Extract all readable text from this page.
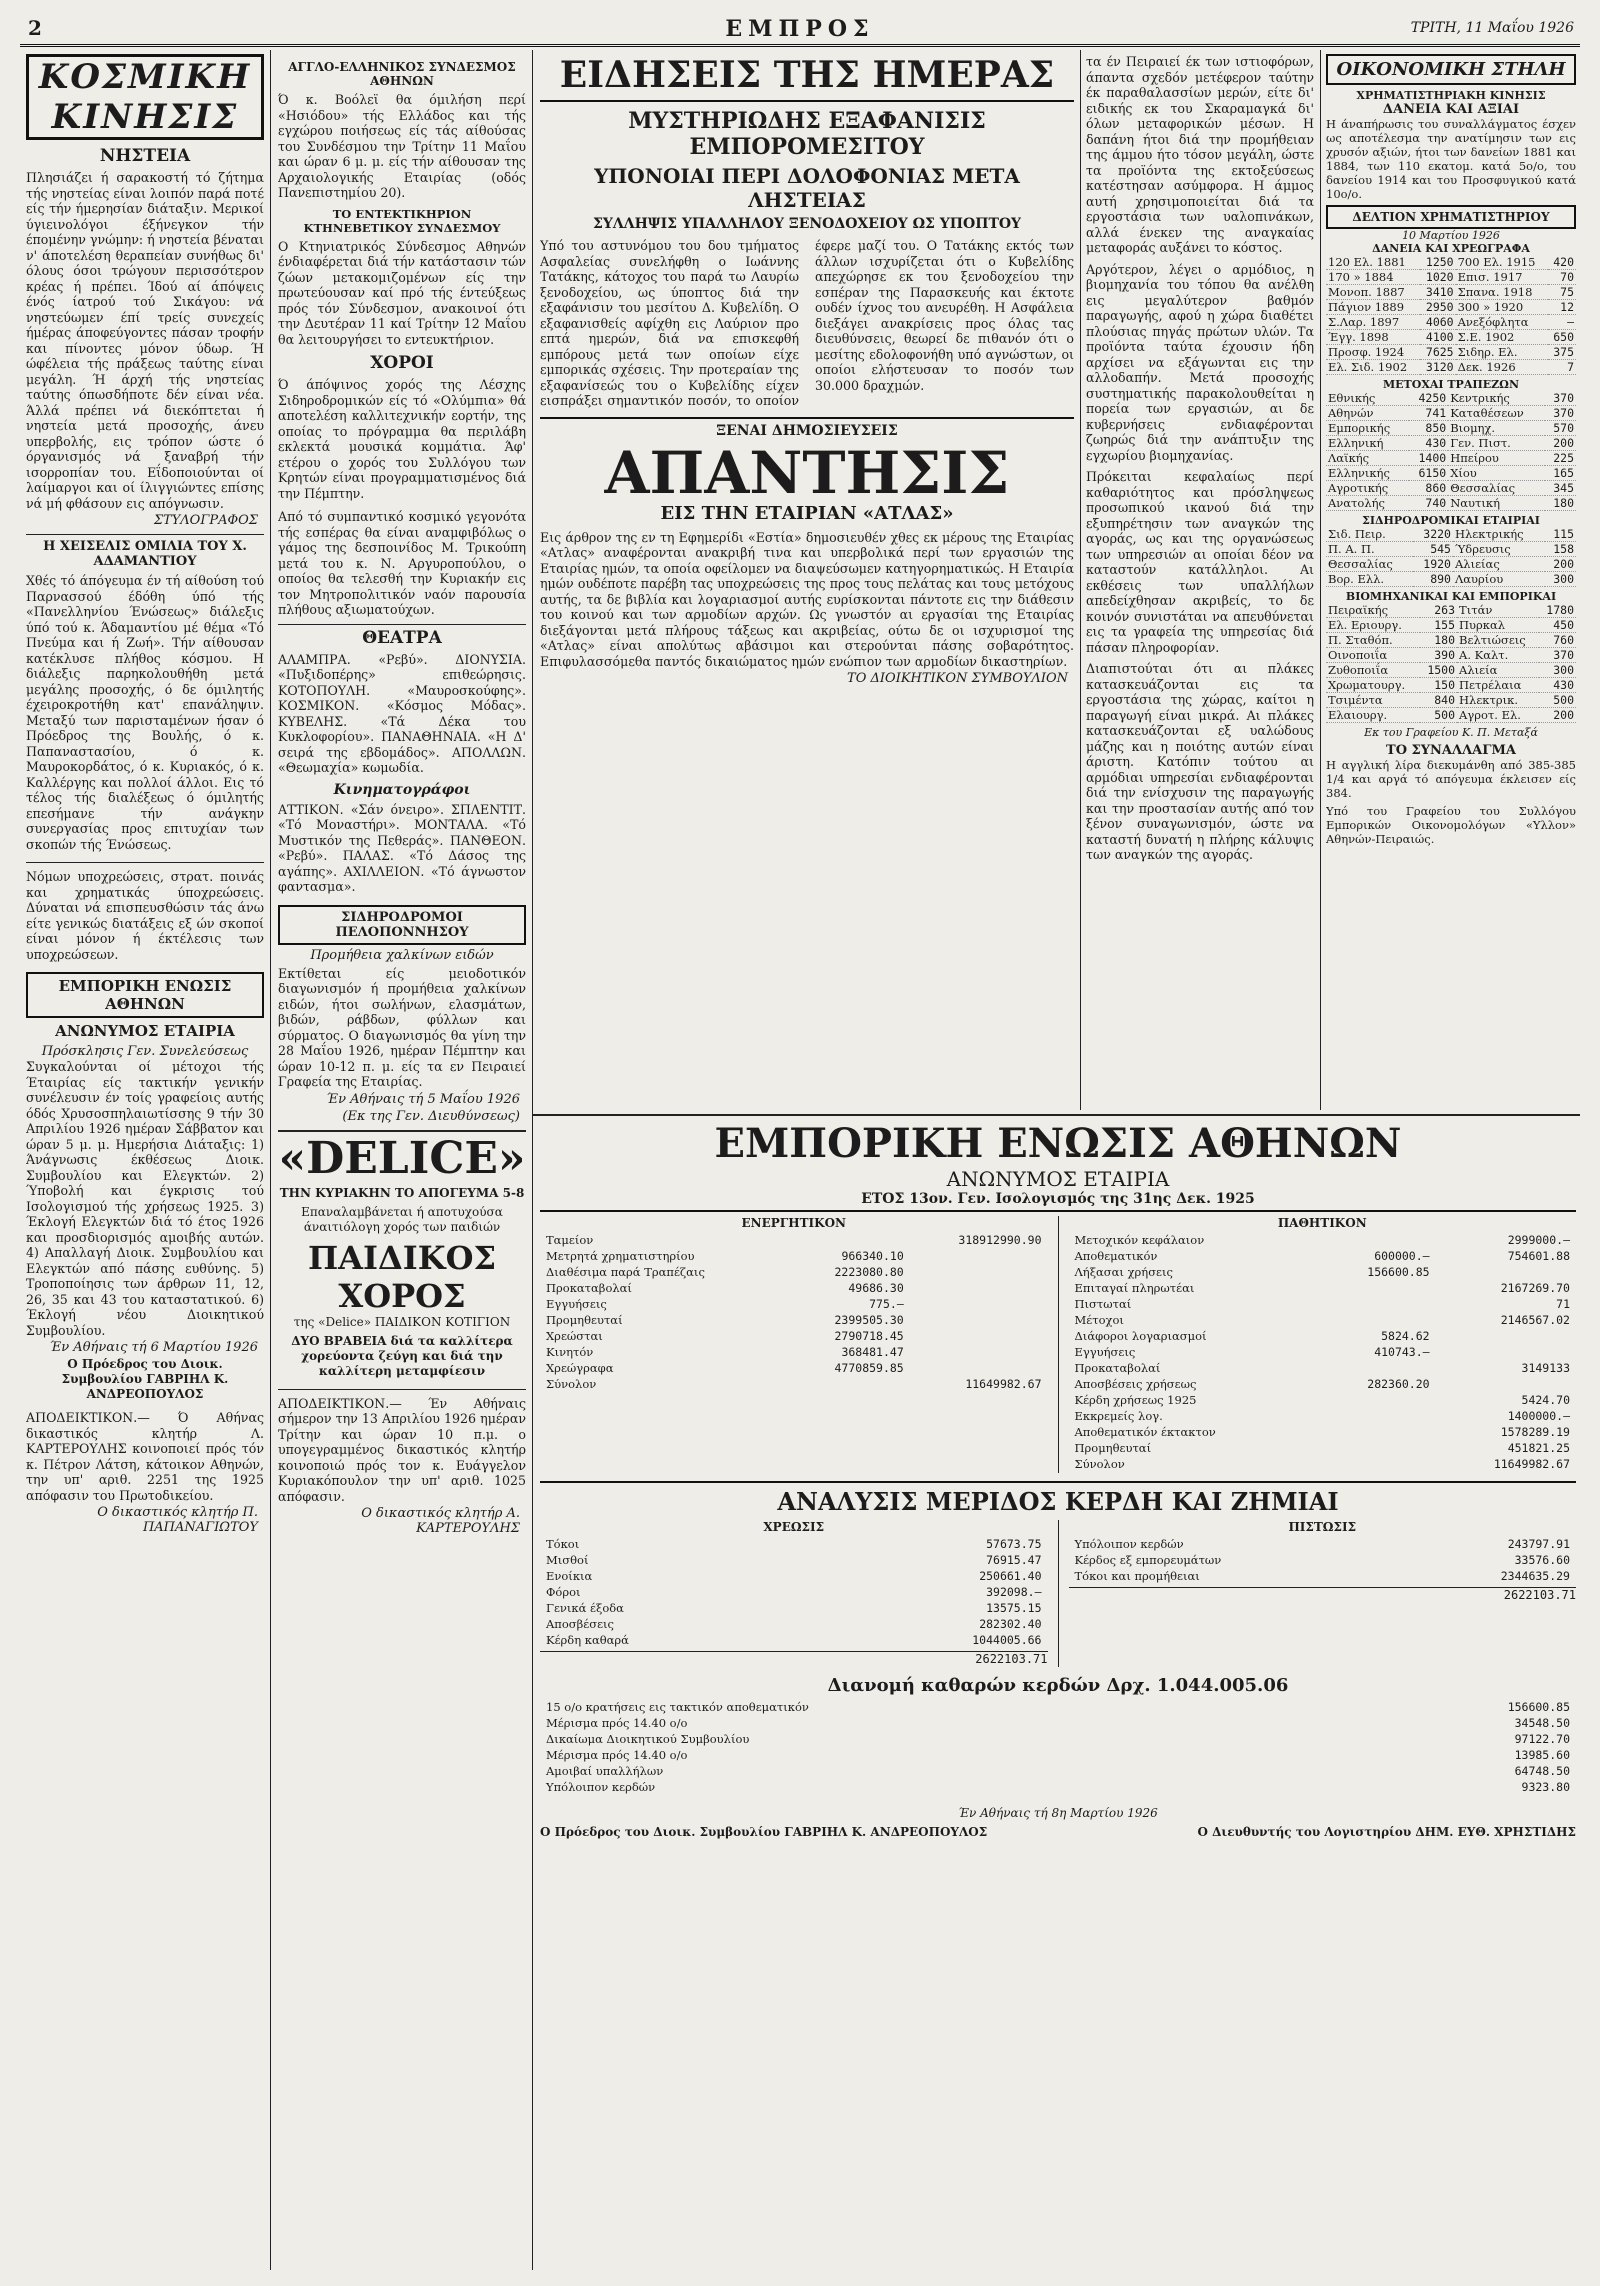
2	ΕΜΠΡΟΣ	ΤΡΙΤΗ, 11 Μαΐου 1926
ΚΟΣΜΙΚΗ ΚΙΝΗΣΙΣ
ΝΗΣΤΕΙΑ

Πλησιάζει ή σαρακοστή τό ζήτημα τής νηστείας είναι λοιπόν παρά ποτέ είς τήν ήμερησίαν διάταξιν. Μερικοί ύγιεινολόγοι έξήνεγκον τήν έπομένην γνώμην: ή νηστεία βέναται ν' άποτελέση θεραπείαν συνήθως δι' όλους όσοι τρώγουν περισσότερον κρέας ή πρέπει. Ίδού αί άπόψεις ένός ίατρού τού Σικάγου: νά νηστεύωμεν έπί τρείς συνεχείς ήμέρας άποφεύγοντες πάσαν τροφήν και πίνοντες μόνον ύδωρ. Ή ώφέλεια τής πράξεως ταύτης είναι μεγάλη. Ή άρχή τής νηστείας ταύτης όπωσδήποτε δέν είναι νέα. Άλλά πρέπει νά διεκόπτεται ή νηστεία μετά προσοχής, άνευ υπερβολής, εις τρόπον ώστε ό όργανισμός νά ξαναβρή τήν ισορροπίαν του. Εΐδοποιούνται οί λαίμαργοι και οί ίλιγγιώντες επίσης νά μή φθάσουν εις απόγνωσιν.

ΣΤΥΛΟΓΡΑΦΟΣ
Η ΧΕΙΣΕΛΙΣ ΟΜΙΛΙΑ ΤΟΥ Χ. ΑΔΑΜΑΝΤΙΟΥ

Χθές τό άπόγευμα έν τή αίθούση τού Παρνασσού έδόθη ύπό τής «Πανελληνίου Ένώσεως» διάλεξις ύπό τού κ. Άδαμαντίου μέ θέμα «Τό Πνεύμα και ή Ζωή». Τήν αίθουσαν κατέκλυσε πλήθος κόσμου. Η διάλεξις παρηκολουθήθη μετά μεγάλης προσοχής, ό δε όμιλητής έχειροκροτήθη κατ' επανάληψιν. Μεταξύ των παρισταμένων ήσαν ό Πρόεδρος της Βουλής, ό κ. Παπαναστασίου, ό κ. Μαυροκορδάτος, ό κ. Κυριακός, ό κ. Καλλέργης και πολλοί άλλοι. Εις τό τέλος τής διαλέξεως ό όμιλητής επεσήμανε τήν ανάγκην συνεργασίας προς επιτυχίαν των σκοπών τής Ένώσεως.

Νόμων υποχρεώσεις, στρατ. ποινάς και χρηματικάς ύποχρεώσεις. Δύναται νά επισπευσθώσιν τάς άνω είτε γενικώς διατάξεις εξ ών σκοποί είναι μόνον ή έκτέλεσις των υποχρεώσεων.

ΕΜΠΟΡΙΚΗ ΕΝΩΣΙΣ ΑΘΗΝΩΝ
ΑΝΩΝΥΜΟΣ ΕΤΑΙΡΙΑ
Πρόσκλησις Γεν. Συνελεύσεως

Συγκαλούνται οί μέτοχοι τής Έταιρίας είς τακτικήν γενικήν συνέλευσιν έν τοίς γραφείοις αυτής όδός Χρυσοσπηλαιωτίσσης 9 τήν 30 Απριλίου 1926 ημέραν Σάββατον και ώραν 5 μ. μ. Ημερήσια Διάταξις: 1) Άνάγνωσις έκθέσεως Διοικ. Συμβουλίου και Ελεγκτών. 2) Ύποβολή και έγκρισις τού Ισολογισμού τής χρήσεως 1925. 3) Έκλογή Ελεγκτών διά τό έτος 1926 και προσδιορισμός αμοιβής αυτών. 4) Απαλλαγή Διοικ. Συμβουλίου και Ελεγκτών από πάσης ευθύνης. 5) Τροποποίησις των άρθρων 11, 12, 26, 35 και 43 του καταστατικού. 6) Έκλογή νέου Διοικητικού Συμβουλίου.

Έν Αθήναις τή 6 Μαρτίου 1926
Ο Πρόεδρος του Διοικ. Συμβουλίου ΓΑΒΡΙΗΛ Κ. ΑΝΔΡΕΟΠΟΥΛΟΣ

ΑΠΟΔΕΙΚΤΙΚΟΝ.— Ό Αθήνας δικαστικός κλητήρ Λ. ΚΑΡΤΕΡΟΥΛΗΣ κοινοποιεί πρός τόν κ. Πέτρον Λάτση, κάτοικον Αθηνών, την υπ' αριθ. 2251 της 1925 απόφασιν του Πρωτοδικείου.

Ο δικαστικός κλητήρ Π. ΠΑΠΑΝΑΓΙΩΤΟΥ
ΑΓΓΛΟ-ΕΛΛΗΝΙΚΟΣ ΣΥΝΔΕΣΜΟΣ ΑΘΗΝΩΝ

Ό κ. Βοόλεϊ θα όμιλήση περί «Ησιόδου» τής Ελλάδος και τής εγχώρου ποιήσεως είς τάς αίθούσας του Συνδέσμου την Τρίτην 11 Μαΐου και ώραν 6 μ. μ. είς τήν αίθουσαν της Αρχαιολογικής Εταιρίας (οδός Πανεπιστημίου 20).

ΤΟ ΕΝΤΕΚΤΙΚΗΡΙΟΝ ΚΤΗΝΕΒΕΤΙΚΟΥ ΣΥΝΔΕΣΜΟΥ

Ο Κτηνιατρικός Σύνδεσμος Αθηνών ένδιαφέρεται διά τήν κατάστασιν τών ζώων μετακομιζομένων είς την πρωτεύουσαν καί πρό τής έντεύξεως πρός τόν Σύνδεσμον, ανακοινοί ότι την Δευτέραν 11 καί Τρίτην 12 Μαΐου θα λειτουργήσει το εντευκτήριον.

ΧΟΡΟΙ

Ό άπόψινος χορός της Λέσχης Σιδηροδρομικών είς τό «Ολύμπια» θά αποτελέση καλλιτεχνικήν εορτήν, της οποίας το πρόγραμμα θα περιλάβη εκλεκτά μουσικά κομμάτια. Άφ' ετέρου ο χορός του Συλλόγου των Κρητών είναι προγραμματισμένος διά την Πέμπτην.

Από τό συμπαντικό κοσμικό γεγονότα τής εσπέρας θα είναι αναμφιβόλως ο γάμος της δεσποινίδος Μ. Τρικούπη μετά του κ. Ν. Αργυροπούλου, ο οποίος θα τελεσθή την Κυριακήν εις τον Μητροπολιτικόν ναόν παρουσία πλήθους αξιωματούχων.

ΘΕΑΤΡΑ

ΑΛΑΜΠΡΑ. «Ρεβύ». ΔΙΟΝΥΣΙΑ. «Πυξιδοπέρης» επιθεώρησις. ΚΟΤΟΠΟΥΛΗ. «Μαυροσκούφης». ΚΟΣΜΙΚΟΝ. «Κόσμος Μόδας». ΚΥΒΕΛΗΣ. «Τά Δέκα του Κυκλοφορίου». ΠΑΝΑΘΗΝΑΙΑ. «Η Δ' σειρά της εβδομάδος». ΑΠΟΛΛΩΝ. «Θεωμαχία» κωμωδία.

Κινηματογράφοι

ΑΤΤΙΚΟΝ. «Σάν όνειρο». ΣΠΛΕΝΤΙΤ. «Τό Μοναστήρι». ΜΟΝΤΑΛΑ. «Τό Μυστικόν της Πεθεράς». ΠΑΝΘΕΟΝ. «Ρεβύ». ΠΑΛΑΣ. «Τό Δάσος της αγάπης». ΑΧΙΛΛΕΙΟΝ. «Τό άγνωστον φαντασμα».

ΣΙΔΗΡΟΔΡΟΜΟΙ ΠΕΛΟΠΟΝΝΗΣΟΥ
Προμήθεια χαλκίνων ειδών

Εκτίθεται είς μειοδοτικόν διαγωνισμόν ή προμήθεια χαλκίνων ειδών, ήτοι σωλήνων, ελασμάτων, βιδών, ράβδων, φύλλων και σύρματος. Ο διαγωνισμός θα γίνη την 28 Μαΐου 1926, ημέραν Πέμπτην και ώραν 10-12 π. μ. είς τα εν Πειραιεί Γραφεία της Εταιρίας.

Έν Αθήναις τή 5 Μαΐου 1926
(Εκ της Γεν. Διευθύνσεως)
«DELICE»
ΤΗΝ ΚΥΡΙΑΚΗΝ ΤΟ ΑΠΟΓΕΥΜΑ 5-8
Επαναλαμβάνεται ή αποτυχούσα άναιτιόλογη χορός των παιδιών
ΠΑΙΔΙΚΟΣ ΧΟΡΟΣ
της «Delice» ΠΑΙΔΙΚΟΝ ΚΟΤΙΓΙΟΝ
ΔΥΟ ΒΡΑΒΕΙΑ διά τα καλλίτερα χορεύοντα ζεύγη και διά την καλλίτερη μεταμφίεσιν

ΑΠΟΔΕΙΚΤΙΚΟΝ.— Έν Αθήναις σήμερον την 13 Απριλίου 1926 ημέραν Τρίτην και ώραν 10 π.μ. ο υπογεγραμμένος δικαστικός κλητήρ κοινοποιώ πρός τον κ. Ευάγγελον Κυριακόπουλον την υπ' αριθ. 1025 απόφασιν.

Ο δικαστικός κλητήρ Α. ΚΑΡΤΕΡΟΥΛΗΣ
ΕΙΔΗΣΕΙΣ ΤΗΣ ΗΜΕΡΑΣ
ΜΥΣΤΗΡΙΩΔΗΣ ΕΞΑΦΑΝΙΣΙΣ ΕΜΠΟΡΟΜΕΣΙΤΟΥ
ΥΠΟΝΟΙΑΙ ΠΕΡΙ ΔΟΛΟΦΟΝΙΑΣ ΜΕΤΑ ΛΗΣΤΕΙΑΣ
ΣΥΛΛΗΨΙΣ ΥΠΑΛΛΗΛΟΥ ΞΕΝΟΔΟΧΕΙΟΥ ΩΣ ΥΠΟΠΤΟΥ

Υπό του αστυνόμου του δου τμήματος Ασφαλείας συνελήφθη ο Ιωάννης Τατάκης, κάτοχος του παρά τω Λαυρίω ξενοδοχείου, ως ύποπτος διά την εξαφάνισιν του μεσίτου Δ. Κυβελίδη. Ο εξαφανισθείς αφίχθη εις Λαύριον προ επτά ημερών, διά να επισκεφθή εμπόρους μετά των οποίων είχε εμπορικάς σχέσεις. Την προτεραίαν της εξαφανίσεώς του ο Κυβελίδης είχεν εισπράξει σημαντικόν ποσόν, το οποίον έφερε μαζί του. Ο Τατάκης εκτός των άλλων ισχυρίζεται ότι ο Κυβελίδης απεχώρησε εκ του ξενοδοχείου την εσπέραν της Παρασκευής και έκτοτε ουδέν ίχνος του ανευρέθη. Η Ασφάλεια διεξάγει ανακρίσεις προς όλας τας διευθύνσεις, θεωρεί δε πιθανόν ότι ο μεσίτης εδολοφονήθη υπό αγνώστων, οι οποίοι ελήστευσαν το ποσόν των 30.000 δραχμών.

ΞΕΝΑΙ ΔΗΜΟΣΙΕΥΣΕΙΣ
ΑΠΑΝΤΗΣΙΣ
ΕΙΣ ΤΗΝ ΕΤΑΙΡΙΑΝ «ΑΤΛΑΣ»

Εις άρθρον της εν τη Εφημερίδι «Εστία» δημοσιευθέν χθες εκ μέρους της Εταιρίας «Ατλας» αναφέρονται ανακριβή τινα και υπερβολικά περί των εργασιών της Εταιρίας ημών, τα οποία οφείλομεν να διαψεύσωμεν κατηγορηματικώς. Η Εταιρία ημών ουδέποτε παρέβη τας υποχρεώσεις της προς τους πελάτας και τους μετόχους αυτής, τα δε βιβλία και λογαριασμοί αυτής ευρίσκονται πάντοτε εις την διάθεσιν του κοινού και των αρμοδίων αρχών. Ως γνωστόν αι εργασίαι της Εταιρίας διεξάγονται μετά πλήρους τάξεως και ακριβείας, ούτω δε οι ισχυρισμοί της «Ατλας» είναι απολύτως αβάσιμοι και στερούνται πάσης σοβαρότητος. Επιφυλασσόμεθα παντός δικαιώματος ημών ενώπιον των αρμοδίων δικαστηρίων.

ΤΟ ΔΙΟΙΚΗΤΙΚΟΝ ΣΥΜΒΟΥΛΙΟΝ

τα έν Πειραιεί έκ των ιστιοφόρων, άπαντα σχεδόν μετέφερον ταύτην έκ παραθαλασσίων μερών, είτε δι' ειδικής εκ του Σκαραμαγκά δι' όλων μεταφορικών μέσων. Η δαπάνη ήτοι διά την προμήθειαν της άμμου ήτο τόσον μεγάλη, ώστε τα προϊόντα της εκτοξεύσεως κατέστησαν ασύμφορα. Η άμμος αυτή χρησιμοποιείται διά τα εργοστάσια των υαλοπινάκων, αλλά ένεκεν της αναγκαίας μεταφοράς αυξάνει το κόστος.

Αργότερον, λέγει ο αρμόδιος, η βιομηχανία του τόπου θα ανέλθη εις μεγαλύτερον βαθμόν παραγωγής, αφού η χώρα διαθέτει πλούσιας πηγάς πρώτων υλών. Τα προϊόντα ταύτα έχουσιν ήδη αρχίσει να εξάγωνται εις την αλλοδαπήν. Μετά προσοχής συστηματικής παρακολουθείται η πορεία των εργασιών, αι δε κυβερνήσεις ενδιαφέρονται ζωηρώς διά την ανάπτυξιν της εγχωρίου βιομηχανίας.

Πρόκειται κεφαλαίως περί καθαριότητος και πρόσληψεως προσωπικού ικανού διά την εξυπηρέτησιν των αναγκών της αγοράς, ως και της οργανώσεως των υπηρεσιών αι οποίαι δέον να καταστούν κατάλληλοι. Αι εκθέσεις των υπαλλήλων απεδείχθησαν ακριβείς, το δε κοινόν συνιστάται να απευθύνεται εις τα γραφεία της υπηρεσίας διά πάσαν πληροφορίαν.

Διαπιστούται ότι αι πλάκες κατασκευάζονται εις τα εργοστάσια της χώρας, καίτοι η παραγωγή είναι μικρά. Αι πλάκες κατασκευάζονται εξ υαλώδους μάζης και η ποιότης αυτών είναι άριστη. Κατόπιν τούτου αι αρμόδιαι υπηρεσίαι ενδιαφέρονται διά την ενίσχυσιν της παραγωγής και την προστασίαν αυτής από τον ξένον συναγωνισμόν, ώστε να καταστή δυνατή η πλήρης κάλυψις των αναγκών της αγοράς.

ΟΙΚΟΝΟΜΙΚΗ ΣΤΗΛΗ
ΧΡΗΜΑΤΙΣΤΗΡΙΑΚΗ ΚΙΝΗΣΙΣ
ΔΑΝΕΙΑ ΚΑΙ ΑΞΙΑΙ

Η άναπήρωσις του συναλλάγματος έσχεν ως αποτέλεσμα την ανατίμησιν των εις χρυσόν αξιών, ήτοι των δανείων 1881 και 1884, των 110 εκατομ. κατά 5ο/ο, του δανείου 1914 και του Προσφυγικού κατά 10ο/ο.

ΔΕΛΤΙΟΝ ΧΡΗΜΑΤΙΣΤΗΡΙΟΥ
10 Μαρτίου 1926
ΔΑΝΕΙΑ ΚΑΙ ΧΡΕΩΓΡΑΦΑ
120 Ελ. 1881	1250	700 Ελ. 1915	420
170 » 1884	1020	Επισ. 1917	70
Μονοπ. 1887	3410	Σπανα. 1918	75
Πάγιον 1889	2950	300 » 1920	12
Σ.Λαρ. 1897	4060	Ανεξόφλητα	—
Έγγ. 1898	4100	Σ.Ε. 1902	650
Προσφ. 1924	7625	Σιδηρ. Ελ.	375
Ελ. Σιδ. 1902	3120	Δεκ. 1926	7
ΜΕΤΟΧΑΙ ΤΡΑΠΕΖΩΝ
Εθνικής	4250	Κεντρικής	370
Αθηνών	741	Καταθέσεων	370
Εμπορικής	850	Βιομηχ.	570
Ελληνική	430	Γεν. Πιστ.	200
Λαϊκής	1400	Ηπείρου	225
Ελληνικής	6150	Χίου	165
Αγροτικής	860	Θεσσαλίας	345
Ανατολής	740	Ναυτική	180
ΣΙΔΗΡΟΔΡΟΜΙΚΑΙ ΕΤΑΙΡΙΑΙ
Σιδ. Πειρ.	3220	Ηλεκτρικής	115
Π. Α. Π.	545	Ύδρευσις	158
Θεσσαλίας	1920	Αλιείας	200
Βορ. Ελλ.	890	Λαυρίου	300
ΒΙΟΜΗΧΑΝΙΚΑΙ ΚΑΙ ΕΜΠΟΡΙΚΑΙ
Πειραϊκής	263	Τιτάν	1780
Ελ. Εριουργ.	155	Πυρκαλ	450
Π. Σταθόπ.	180	Βελτιώσεις	760
Οινοποιΐα	390	Α. Καλτ.	370
Ζυθοποιΐα	1500	Αλιεία	300
Χρωματουργ.	150	Πετρέλαια	430
Τσιμέντα	840	Ηλεκτρικ.	500
Ελαιουργ.	500	Αγροτ. Ελ.	200
Εκ του Γραφείου Κ. Π. Μεταξά
ΤΟ ΣΥΝΑΛΛΑΓΜΑ

Η αγγλική λίρα διεκυμάνθη από 385-385 1/4 και αργά τό απόγευμα έκλεισεν είς 384.

Υπό του Γραφείου του Συλλόγου Εμπορικών Οικονομολόγων «Υλλον» Αθηνών-Πειραιώς.

ΕΜΠΟΡΙΚΗ ΕΝΩΣΙΣ ΑΘΗΝΩΝ
ΑΝΩΝΥΜΟΣ ΕΤΑΙΡΙΑ
ΕΤΟΣ 13ον. Γεν. Ισολογισμός της 31ης Δεκ. 1925
ΕΝΕΡΓΗΤΙΚΟΝ
Ταμείον		318912990.90
Μετρητά χρηματιστηρίου	966340.10	
Διαθέσιμα παρά Τραπέζαις	2223080.80	
Προκαταβολαί	49686.30	
Εγγυήσεις	775.—	
Προμηθευταί	2399505.30	
Χρεώσται	2790718.45	
Κινητόν	368481.47	
Χρεώγραφα	4770859.85	
Σύνολον		11649982.67
ΠΑΘΗΤΙΚΟΝ
Μετοχικόν κεφάλαιον		2999000.—
Αποθεματικόν	600000.—	754601.88
Λήξασαι χρήσεις	156600.85	
Επιταγαί πληρωτέαι		2167269.70
Πιστωταί		71
Μέτοχοι		2146567.02
Διάφοροι λογαριασμοί	5824.62	
Εγγυήσεις	410743.—	
Προκαταβολαί		3149133
Αποσβέσεις χρήσεως	282360.20	
Κέρδη χρήσεως 1925		5424.70
Εκκρεμείς λογ.		1400000.—
Αποθεματικόν έκτακτον		1578289.19
Προμηθευταί		451821.25
Σύνολον		11649982.67
ΑΝΑΛΥΣΙΣ ΜΕΡΙΔΟΣ ΚΕΡΔΗ ΚΑΙ ΖΗΜΙΑΙ
ΧΡΕΩΣΙΣ
Τόκοι	57673.75
Μισθοί	76915.47
Ενοίκια	250661.40
Φόροι	392098.—
Γενικά έξοδα	13575.15
Αποσβέσεις	282302.40
Κέρδη καθαρά	1044005.66
2622103.71
ΠΙΣΤΩΣΙΣ
Υπόλοιπον κερδών	243797.91
Κέρδος εξ εμπορευμάτων	33576.60
Τόκοι και προμήθειαι	2344635.29
2622103.71
Διανομή καθαρών κερδών Δρχ. 1.044.005.06
15 ο/ο κρατήσεις εις τακτικόν αποθεματικόν	156600.85
Μέρισμα πρός 14.40 ο/ο	34548.50
Δικαίωμα Διοικητικού Συμβουλίου	97122.70
Μέρισμα πρός 14.40 ο/ο	13985.60
Αμοιβαί υπαλλήλων	64748.50
Υπόλοιπον κερδών	9323.80
Έν Αθήναις τή 8η Μαρτίου 1926
Ο Πρόεδρος του Διοικ. Συμβουλίου ΓΑΒΡΙΗΛ Κ. ΑΝΔΡΕΟΠΟΥΛΟΣ	Ο Διευθυντής του Λογιστηρίου ΔΗΜ. ΕΥΘ. ΧΡΗΣΤΙΔΗΣ
